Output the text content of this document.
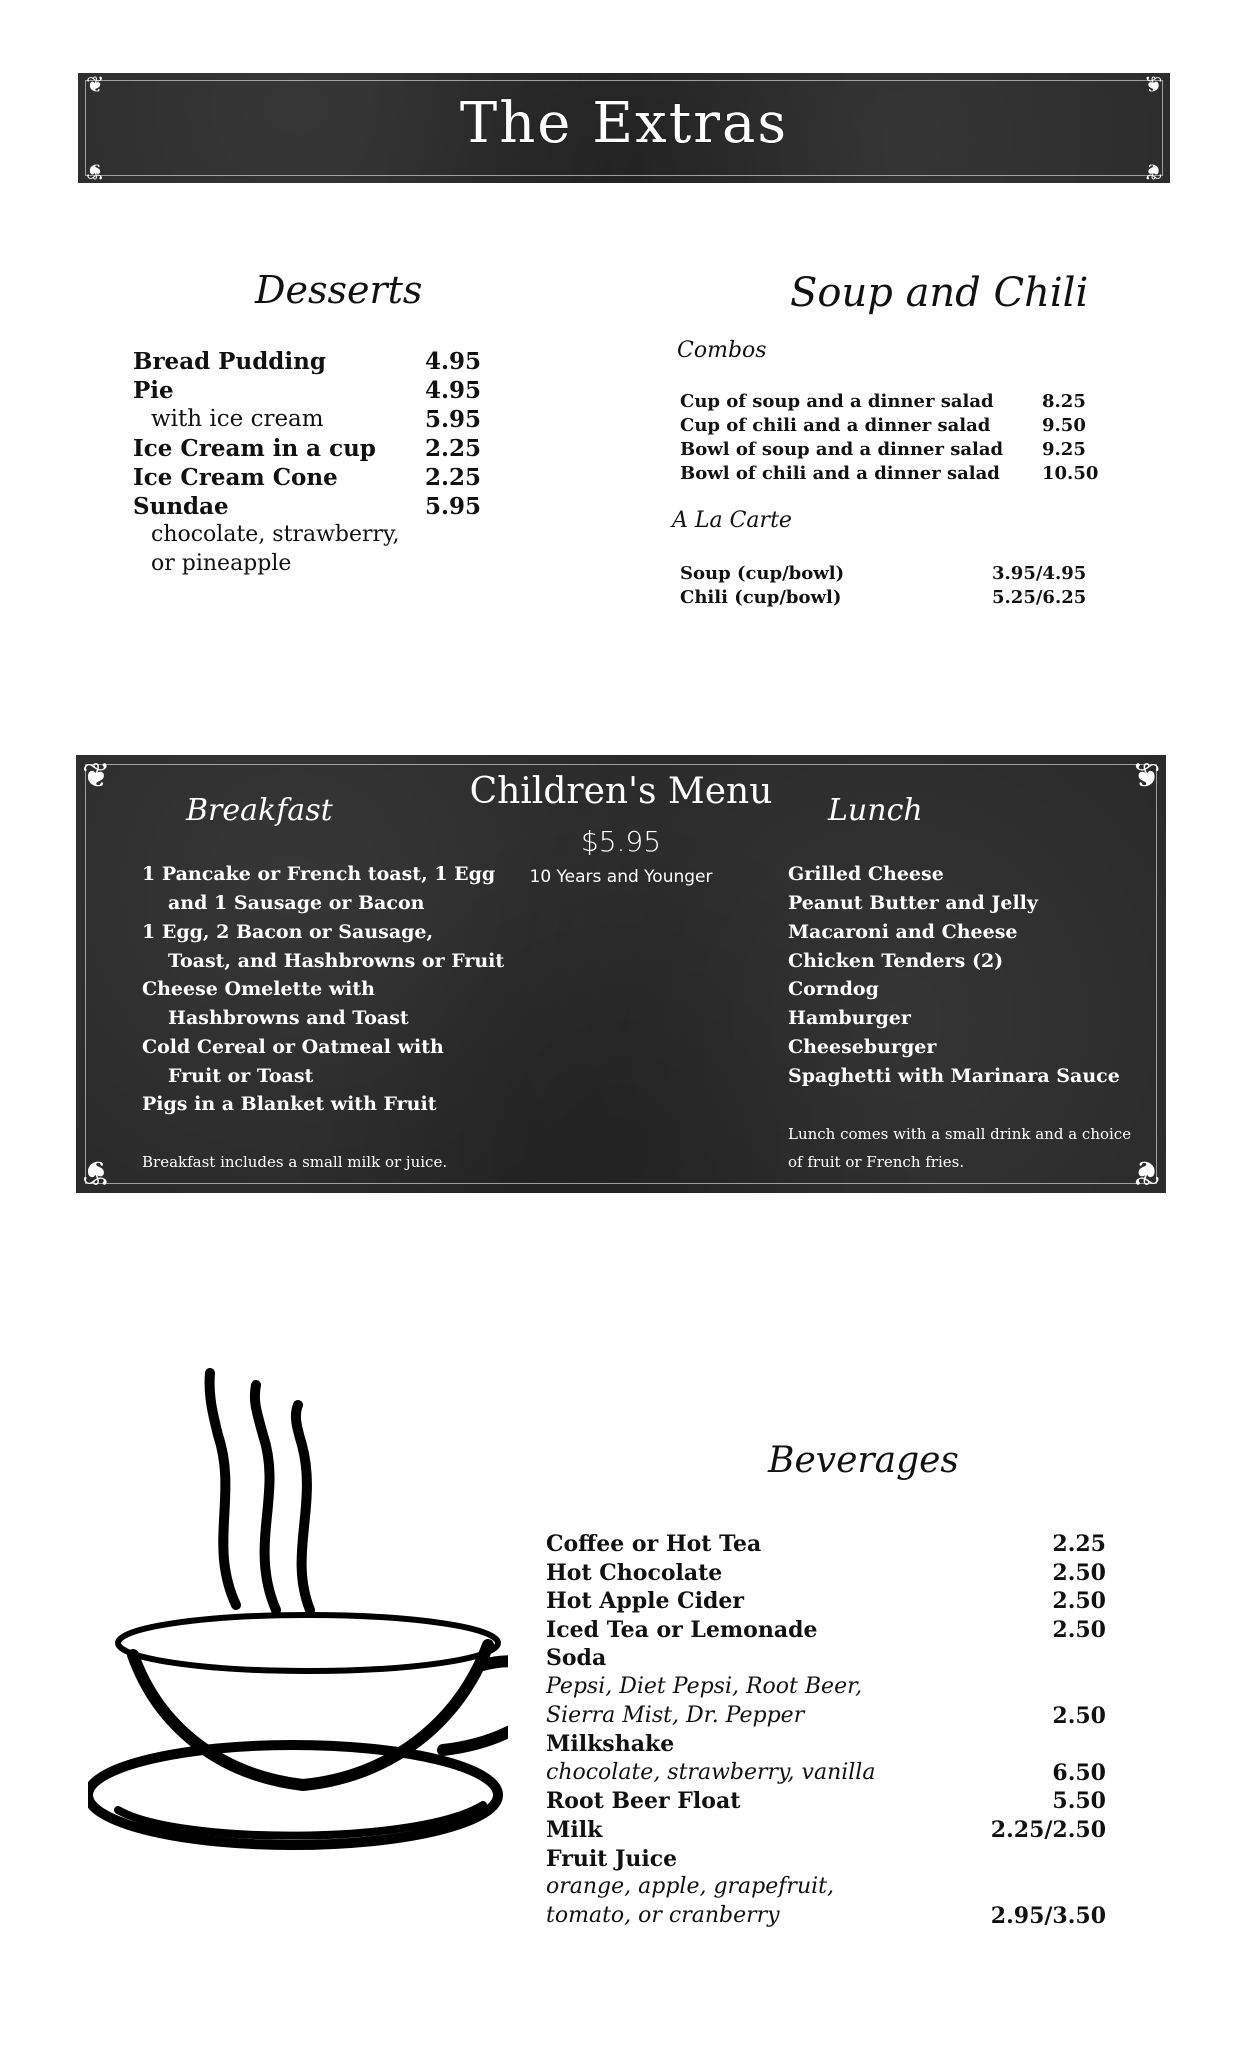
❦	❦
❦	❦
The Extras
Desserts
Bread Pudding	4.95
Pie	4.95
with ice cream	5.95
Ice Cream in a cup 2.25
Ice Cream Cone	2.25
Sundae	5.95
chocolate, strawberry,
or pineapple
Soup and Chili
Combos
Cup of soup and a dinner salad	8.25
Cup of chili and a dinner salad	9.50
Bowl of soup and a dinner salad 9.25
Bowl of chili and a dinner salad 10.50
A La Carte
Soup (cup/bowl)	3.95/4.95
Chili (cup/bowl)	5.25/6.25
❦	❦
❦	❦
Breakfast	Children's Menu
$5.95
10 Years and Younger
Lunch
1 Pancake or French toast, 1 Egg
and 1 Sausage or Bacon
1 Egg, 2 Bacon or Sausage,
Toast, and Hashbrowns or Fruit
Cheese Omelette with
Hashbrowns and Toast
Cold Cereal or Oatmeal with
Fruit or Toast
Pigs in a Blanket with Fruit
Breakfast includes a small milk or juice.
Grilled Cheese
Peanut Butter and Jelly
Macaroni and Cheese
Chicken Tenders (2)
Corndog
Hamburger
Cheeseburger
Spaghetti with Marinara Sauce
Lunch comes with a small drink and a choice
of fruit or French fries.
Beverages
Coffee or Hot Tea	2.25
Hot Chocolate	2.50
Hot Apple Cider	2.50
Iced Tea or Lemonade	2.50
Soda
Pepsi, Diet Pepsi, Root Beer,
Sierra Mist, Dr. Pepper	2.50
Milkshake
chocolate, strawberry, vanilla	6.50
Root Beer Float	5.50
Milk	2.25/2.50
Fruit Juice
orange, apple, grapefruit,
tomato, or cranberry	2.95/3.50
